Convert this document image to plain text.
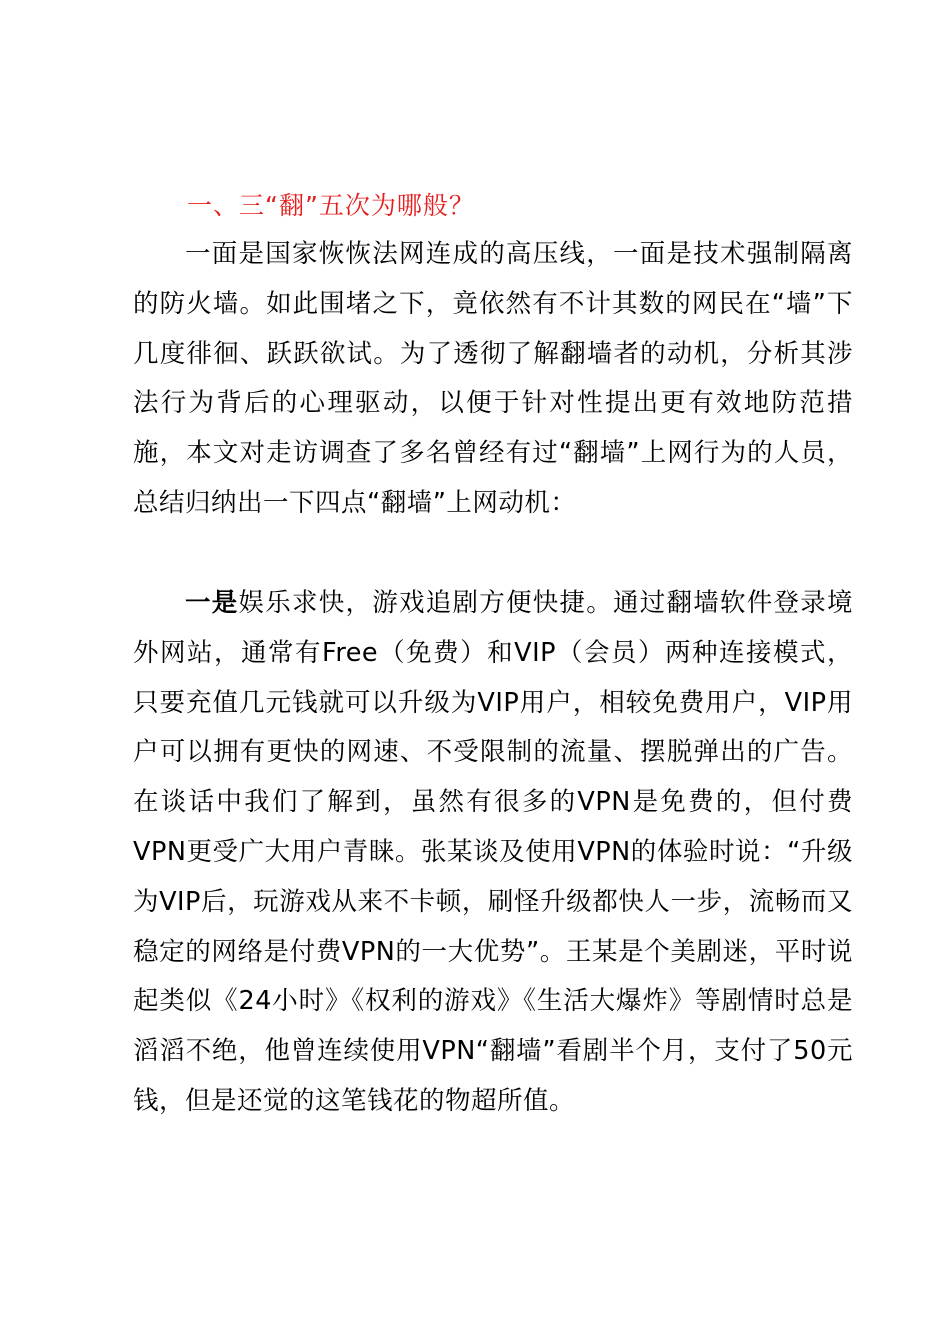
一、三“翻”五次为哪般？

一面是国家恢恢法网连成的高压线，一面是技术强制隔离的防火墙。如此围堵之下，竟依然有不计其数的网民在“墙”下几度徘徊、跃跃欲试。为了透彻了解翻墙者的动机，分析其涉法行为背后的心理驱动，以便于针对性提出更有效地防范措施，本文对走访调查了多名曾经有过“翻墙”上网行为的人员，总结归纳出一下四点“翻墙”上网动机：

一是娱乐求快，游戏追剧方便快捷。通过翻墙软件登录境外网站，通常有Free（免费）和VIP（会员）两种连接模式，只要充值几元钱就可以升级为VIP用户，相较免费用户，VIP用户可以拥有更快的网速、不受限制的流量、摆脱弹出的广告。在谈话中我们了解到，虽然有很多的VPN是免费的，但付费VPN更受广大用户青睐。张某谈及使用VPN的体验时说：“升级为VIP后，玩游戏从来不卡顿，刷怪升级都快人一步，流畅而又稳定的网络是付费VPN的一大优势”。王某是个美剧迷，平时说起类似《24小时》《权利的游戏》《生活大爆炸》等剧情时总是滔滔不绝，他曾连续使用VPN“翻墙”看剧半个月，支付了50元钱，但是还觉的这笔钱花的物超所值。
